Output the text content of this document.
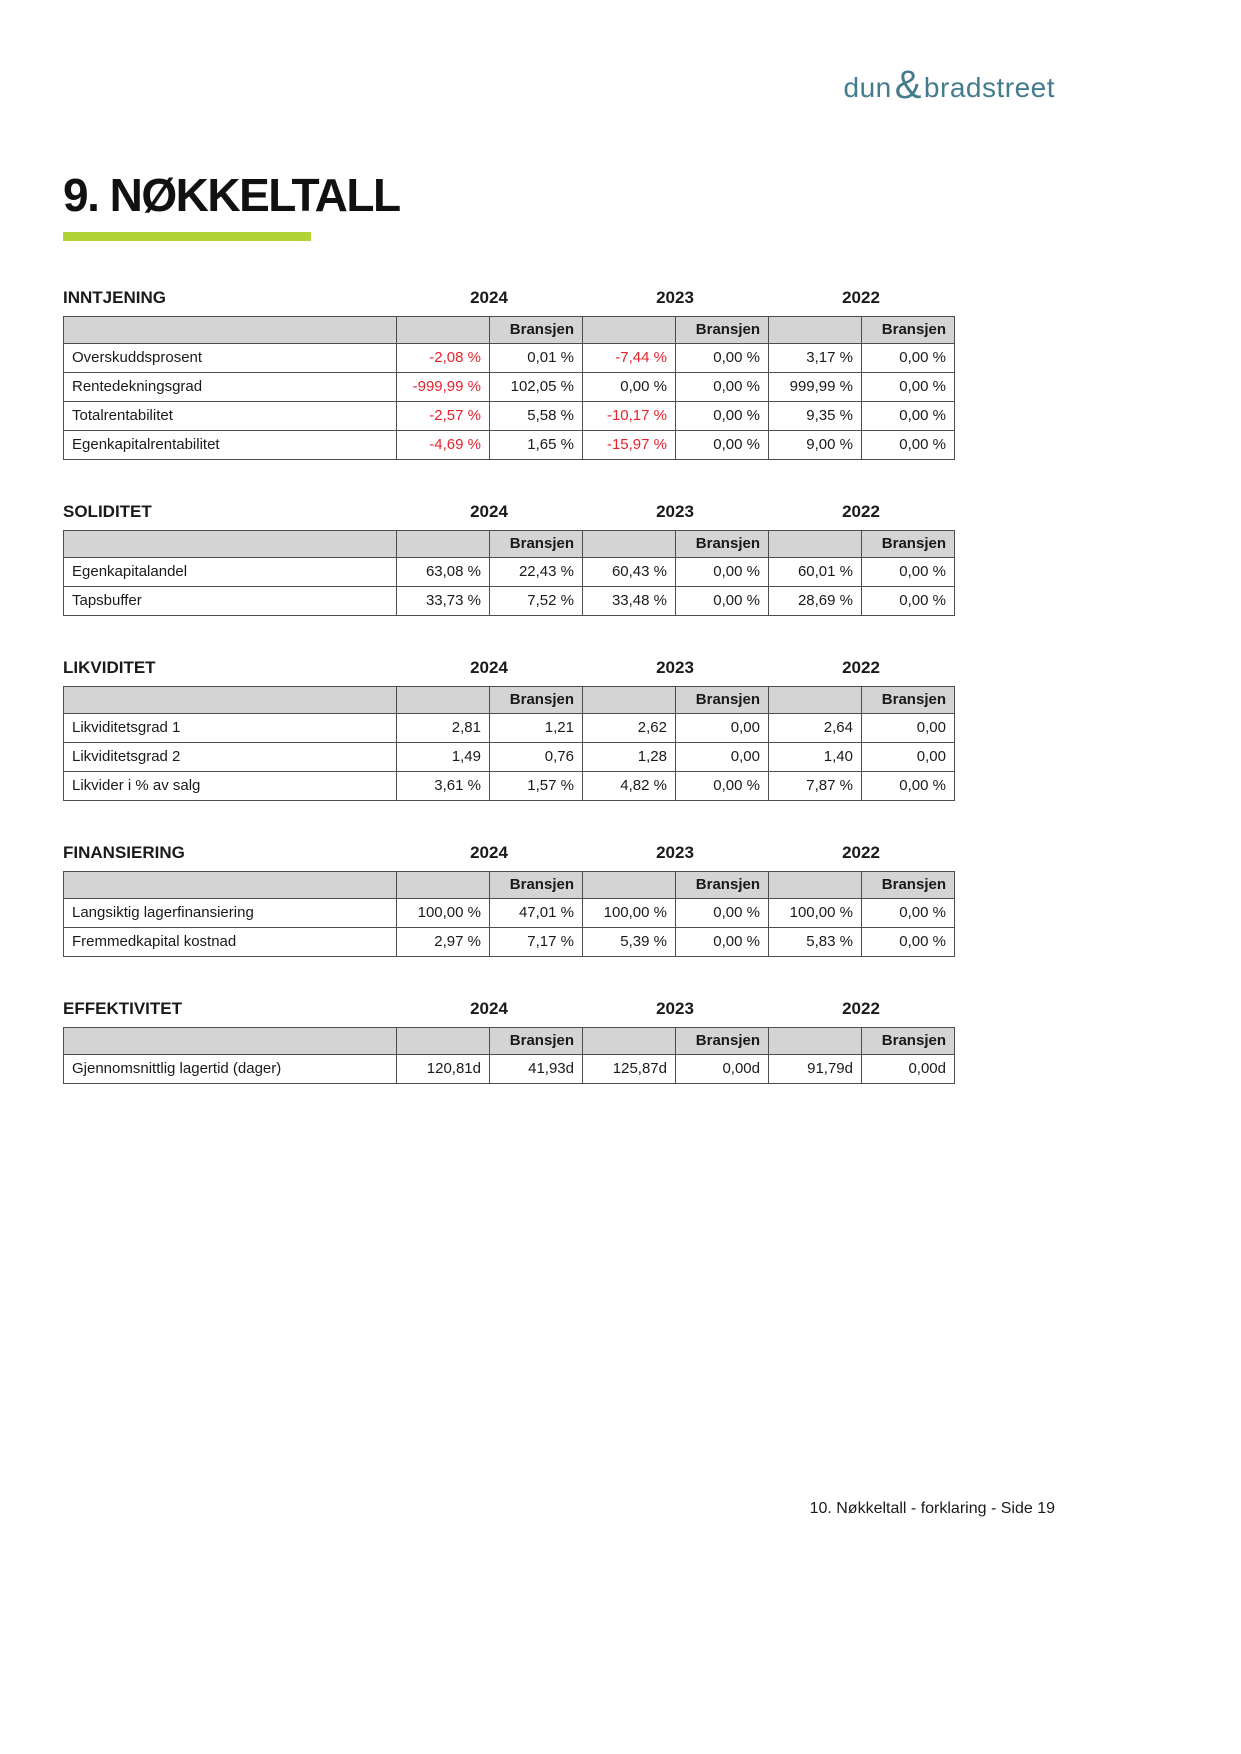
dun & bradstreet
9. NØKKELTALL
INNTJENING	2024	2023	2022
		Bransjen		Bransjen		Bransjen
Overskuddsprosent	-2,08 %	0,01 %	-7,44 %	0,00 %	3,17 %	0,00 %
Rentedekningsgrad	-999,99 %	102,05 %	0,00 %	0,00 %	999,99 %	0,00 %
Totalrentabilitet	-2,57 %	5,58 %	-10,17 %	0,00 %	9,35 %	0,00 %
Egenkapitalrentabilitet	-4,69 %	1,65 %	-15,97 %	0,00 %	9,00 %	0,00 %
SOLIDITET	2024	2023	2022
		Bransjen		Bransjen		Bransjen
Egenkapitalandel	63,08 %	22,43 %	60,43 %	0,00 %	60,01 %	0,00 %
Tapsbuffer	33,73 %	7,52 %	33,48 %	0,00 %	28,69 %	0,00 %
LIKVIDITET	2024	2023	2022
		Bransjen		Bransjen		Bransjen
Likviditetsgrad 1	2,81	1,21	2,62	0,00	2,64	0,00
Likviditetsgrad 2	1,49	0,76	1,28	0,00	1,40	0,00
Likvider i % av salg	3,61 %	1,57 %	4,82 %	0,00 %	7,87 %	0,00 %
FINANSIERING	2024	2023	2022
		Bransjen		Bransjen		Bransjen
Langsiktig lagerfinansiering	100,00 %	47,01 %	100,00 %	0,00 %	100,00 %	0,00 %
Fremmedkapital kostnad	2,97 %	7,17 %	5,39 %	0,00 %	5,83 %	0,00 %
EFFEKTIVITET	2024	2023	2022
		Bransjen		Bransjen		Bransjen
Gjennomsnittlig lagertid (dager)	120,81d	41,93d	125,87d	0,00d	91,79d	0,00d
10. Nøkkeltall - forklaring - Side 19
